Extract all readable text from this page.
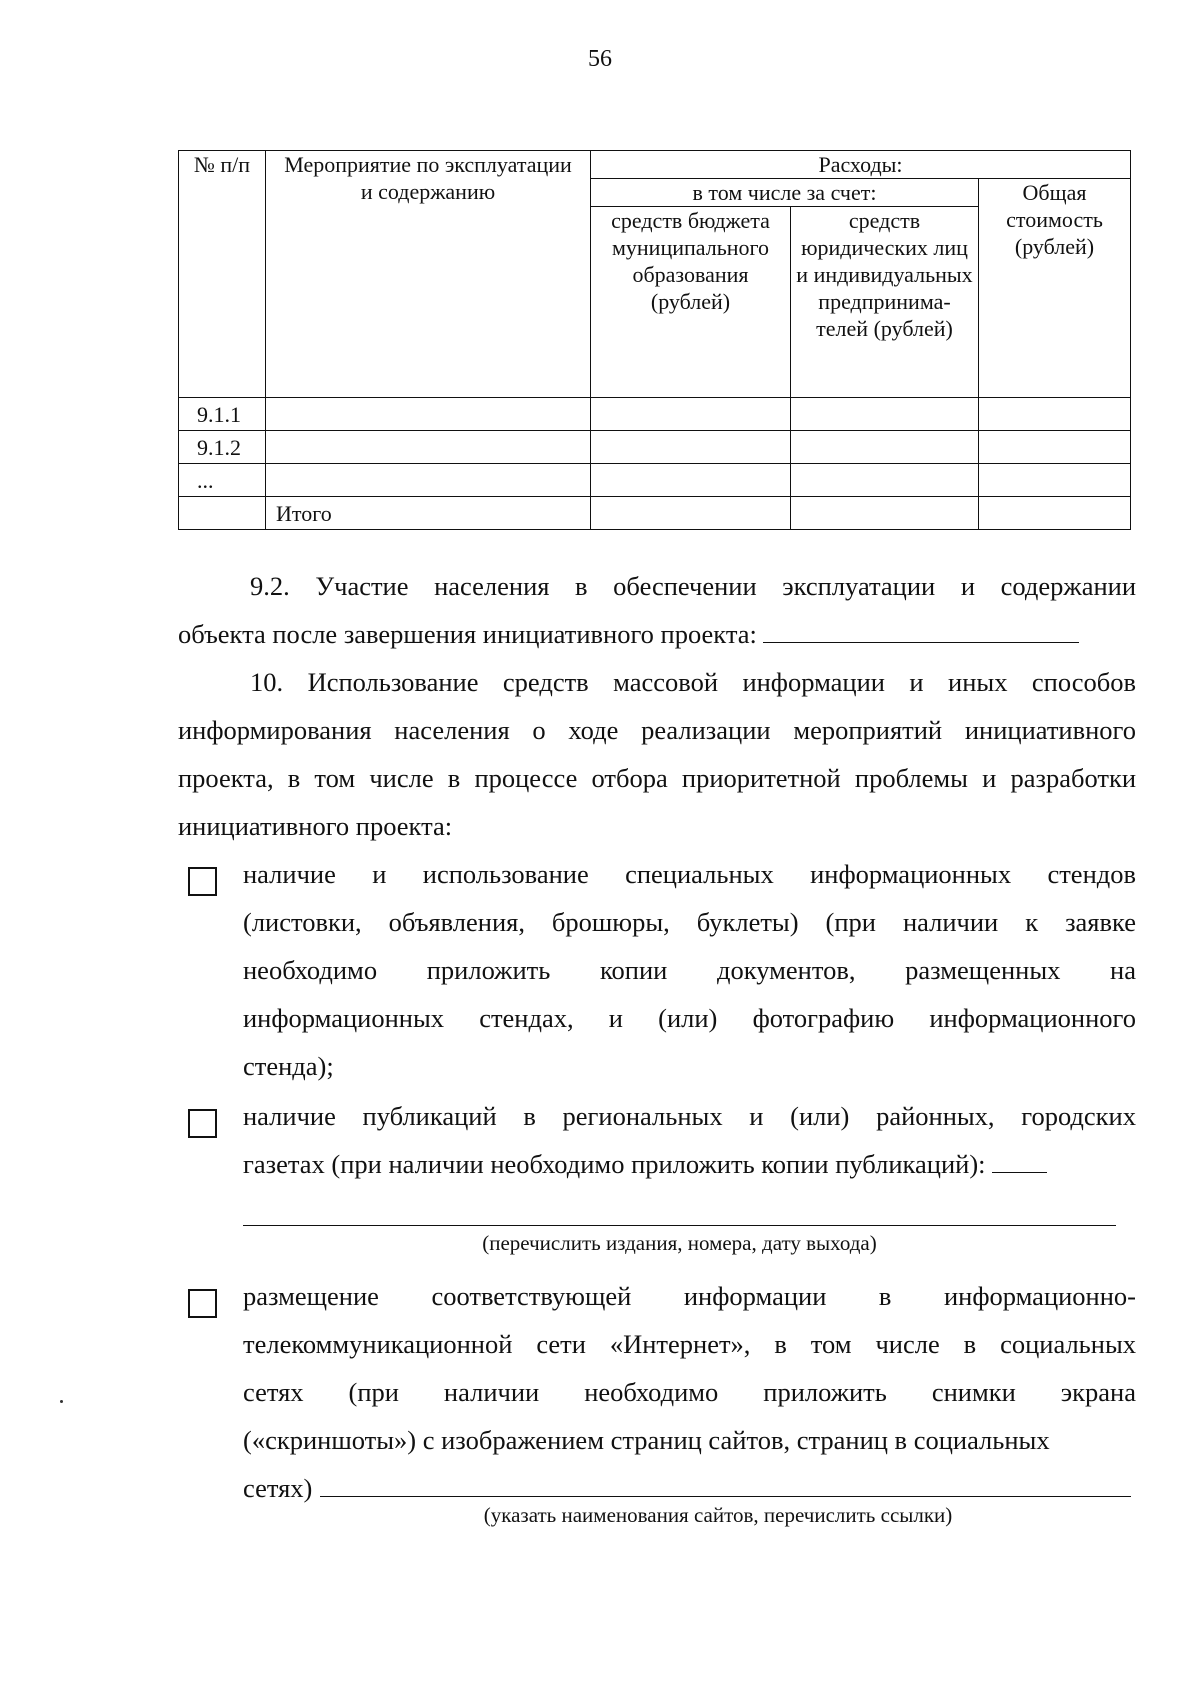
56
№ п/п	Мероприятие по эксплуатации и содержанию	Расходы:		
		в том числе за счет:		Общая стоимость (рублей)
		средств бюджета муниципального образования (рублей)	средств юридических лиц и индивидуальных предпринима-телей (рублей)	
9.1.1				
9.1.2				
...				
	Итого			
9.2. Участие населения в обеспечении эксплуатации и содержании
объекта после завершения инициативного проекта:
10. Использование средств массовой информации и иных способов
информирования населения о ходе реализации мероприятий инициативного
проекта, в том числе в процессе отбора приоритетной проблемы и разработки
инициативного проекта:
наличие и использование специальных информационных стендов
(листовки, объявления, брошюры, буклеты) (при наличии к заявке
необходимо приложить копии документов, размещенных на
информационных стендах, и (или) фотографию информационного
стенда);
наличие публикаций в региональных и (или) районных, городских
газетах (при наличии необходимо приложить копии публикаций):
(перечислить издания, номера, дату выхода)
размещение соответствующей информации в информационно-
телекоммуникационной сети «Интернет», в том числе в социальных
сетях (при наличии необходимо приложить снимки экрана
(«скриншоты») с изображением страниц сайтов, страниц в социальных
сетях)
(указать наименования сайтов, перечислить ссылки)
